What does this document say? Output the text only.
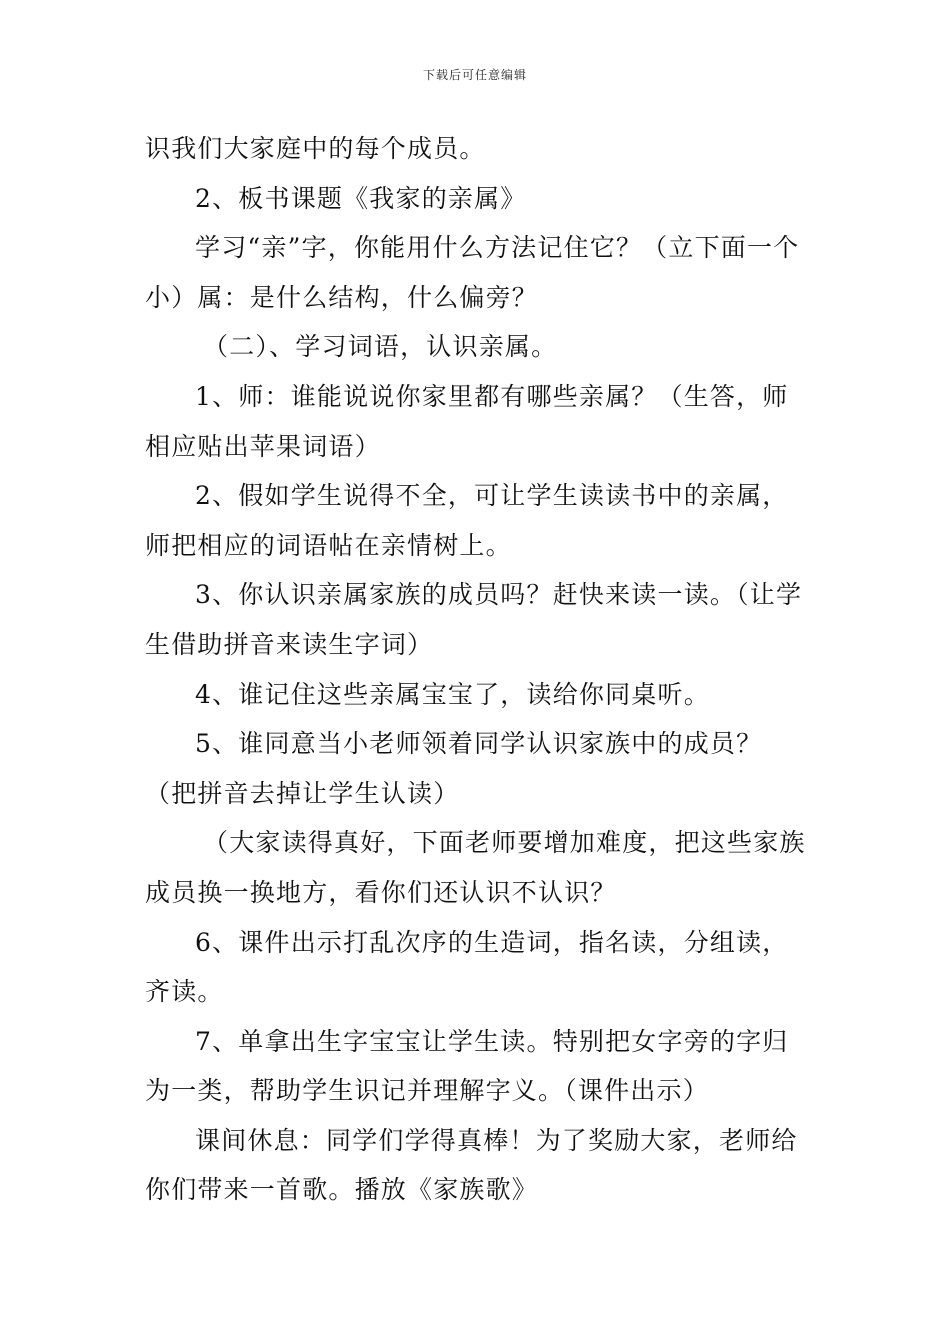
下载后可任意编辑

识我们大家庭中的每个成员。

2、板书课题《我家的亲属》

学习“亲”字，你能用什么方法记住它？（立下面一个小）属：是什么结构，什么偏旁？

（二）、学习词语，认识亲属。

1、师：谁能说说你家里都有哪些亲属？（生答，师相应贴出苹果词语）

2、假如学生说得不全，可让学生读读书中的亲属，师把相应的词语帖在亲情树上。

3、你认识亲属家族的成员吗？赶快来读一读。（让学生借助拼音来读生字词）

4、谁记住这些亲属宝宝了，读给你同桌听。

5、谁同意当小老师领着同学认识家族中的成员？（把拼音去掉让学生认读）

（大家读得真好，下面老师要增加难度，把这些家族成员换一换地方，看你们还认识不认识？

6、课件出示打乱次序的生造词，指名读，分组读，齐读。

7、单拿出生字宝宝让学生读。特别把女字旁的字归为一类，帮助学生识记并理解字义。（课件出示）

课间休息：同学们学得真棒！为了奖励大家，老师给你们带来一首歌。播放《家族歌》
